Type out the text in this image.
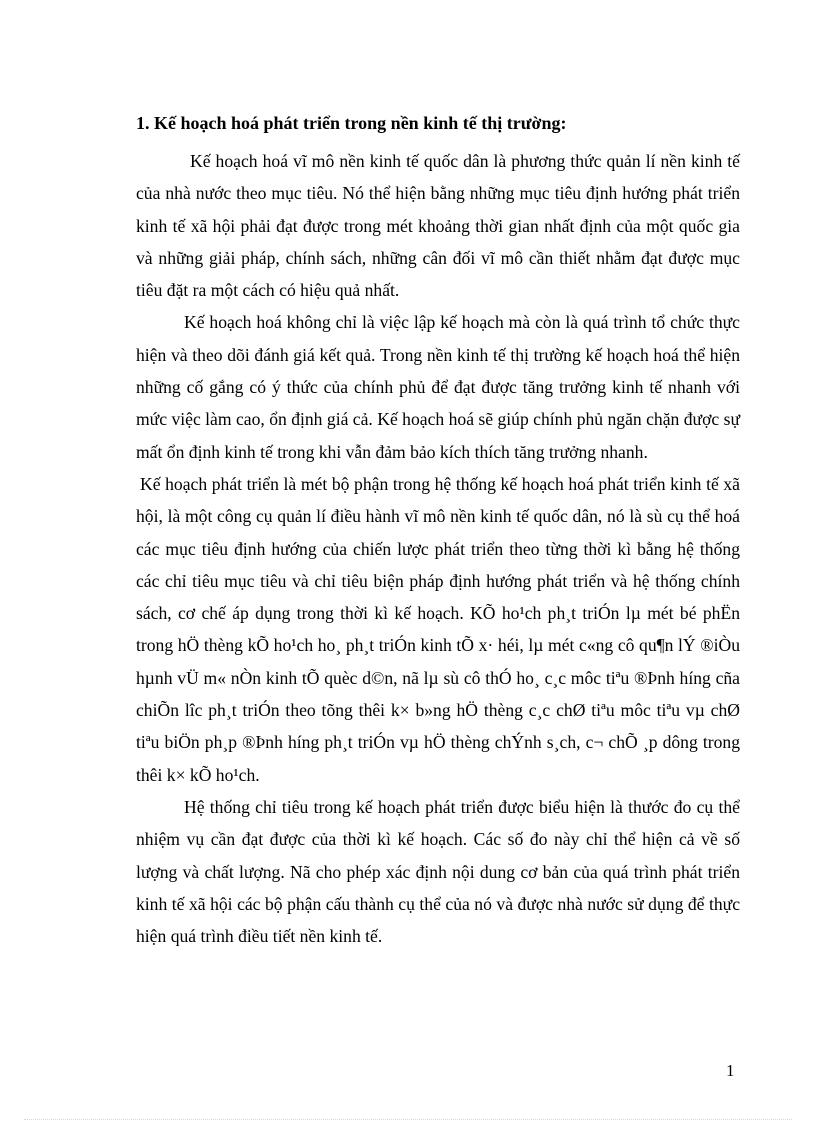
1. Kế hoạch hoá phát triển trong nền kinh tế thị trường:

Kế hoạch hoá vĩ mô nền kinh tế quốc dân là phương thức quản lí nền kinh tế của nhà nước theo mục tiêu. Nó thể hiện bằng những mục tiêu định hướng phát triển kinh tế xã hội phải đạt được trong mét khoảng thời gian nhất định của một quốc gia và những giải pháp, chính sách, những cân đối vĩ mô cần thiết nhằm đạt được mục tiêu đặt ra một cách có hiệu quả nhất.

Kế hoạch hoá không chỉ là việc lập kế hoạch mà còn là quá trình tổ chức thực hiện và theo dõi đánh giá kết quả. Trong nền kinh tế thị trường kế hoạch hoá thể hiện những cố gắng có ý thức của chính phủ để đạt được tăng trưởng kinh tế nhanh với mức việc làm cao, ổn định giá cả. Kế hoạch hoá sẽ giúp chính phủ ngăn chặn được sự mất ổn định kinh tế trong khi vẫn đảm bảo kích thích tăng trưởng nhanh.

Kế hoạch phát triển là mét bộ phận trong hệ thống kế hoạch hoá phát triển kinh tế xã hội, là một công cụ quản lí điều hành vĩ mô nền kinh tế quốc dân, nó là sù cụ thể hoá các mục tiêu định hướng của chiến lược phát triển theo từng thời kì bằng hệ thống các chỉ tiêu mục tiêu và chỉ tiêu biện pháp định hướng phát triển và hệ thống chính sách, cơ chế áp dụng trong thời kì kế hoạch. KÕ ho¹ch ph¸t triÓn lµ mét bé phËn trong hÖ thèng kÕ ho¹ch ho¸ ph¸t triÓn kinh tÕ x· héi, lµ mét c«ng cô qu¶n lÝ ®iÒu hµnh vÜ m« nÒn kinh tÕ quèc d©n, nã lµ sù cô thÓ ho¸ c¸c môc tiªu ®Þnh híng cña chiÕn lîc ph¸t triÓn theo tõng thêi k× b»ng hÖ thèng c¸c chØ tiªu môc tiªu vµ chØ tiªu biÖn ph¸p ®Þnh híng ph¸t triÓn vµ hÖ thèng chÝnh s¸ch, c¬ chÕ ¸p dông trong thêi k× kÕ ho¹ch.

Hệ thống chỉ tiêu trong kế hoạch phát triển được biểu hiện là thước đo cụ thể nhiệm vụ cần đạt được của thời kì kế hoạch. Các số đo này chỉ thể hiện cả về số lượng và chất lượng. Nã cho phép xác định nội dung cơ bản của quá trình phát triển kinh tế xã hội các bộ phận cấu thành cụ thể của nó và được nhà nước sử dụng để thực hiện quá trình điều tiết nền kinh tế.

1
